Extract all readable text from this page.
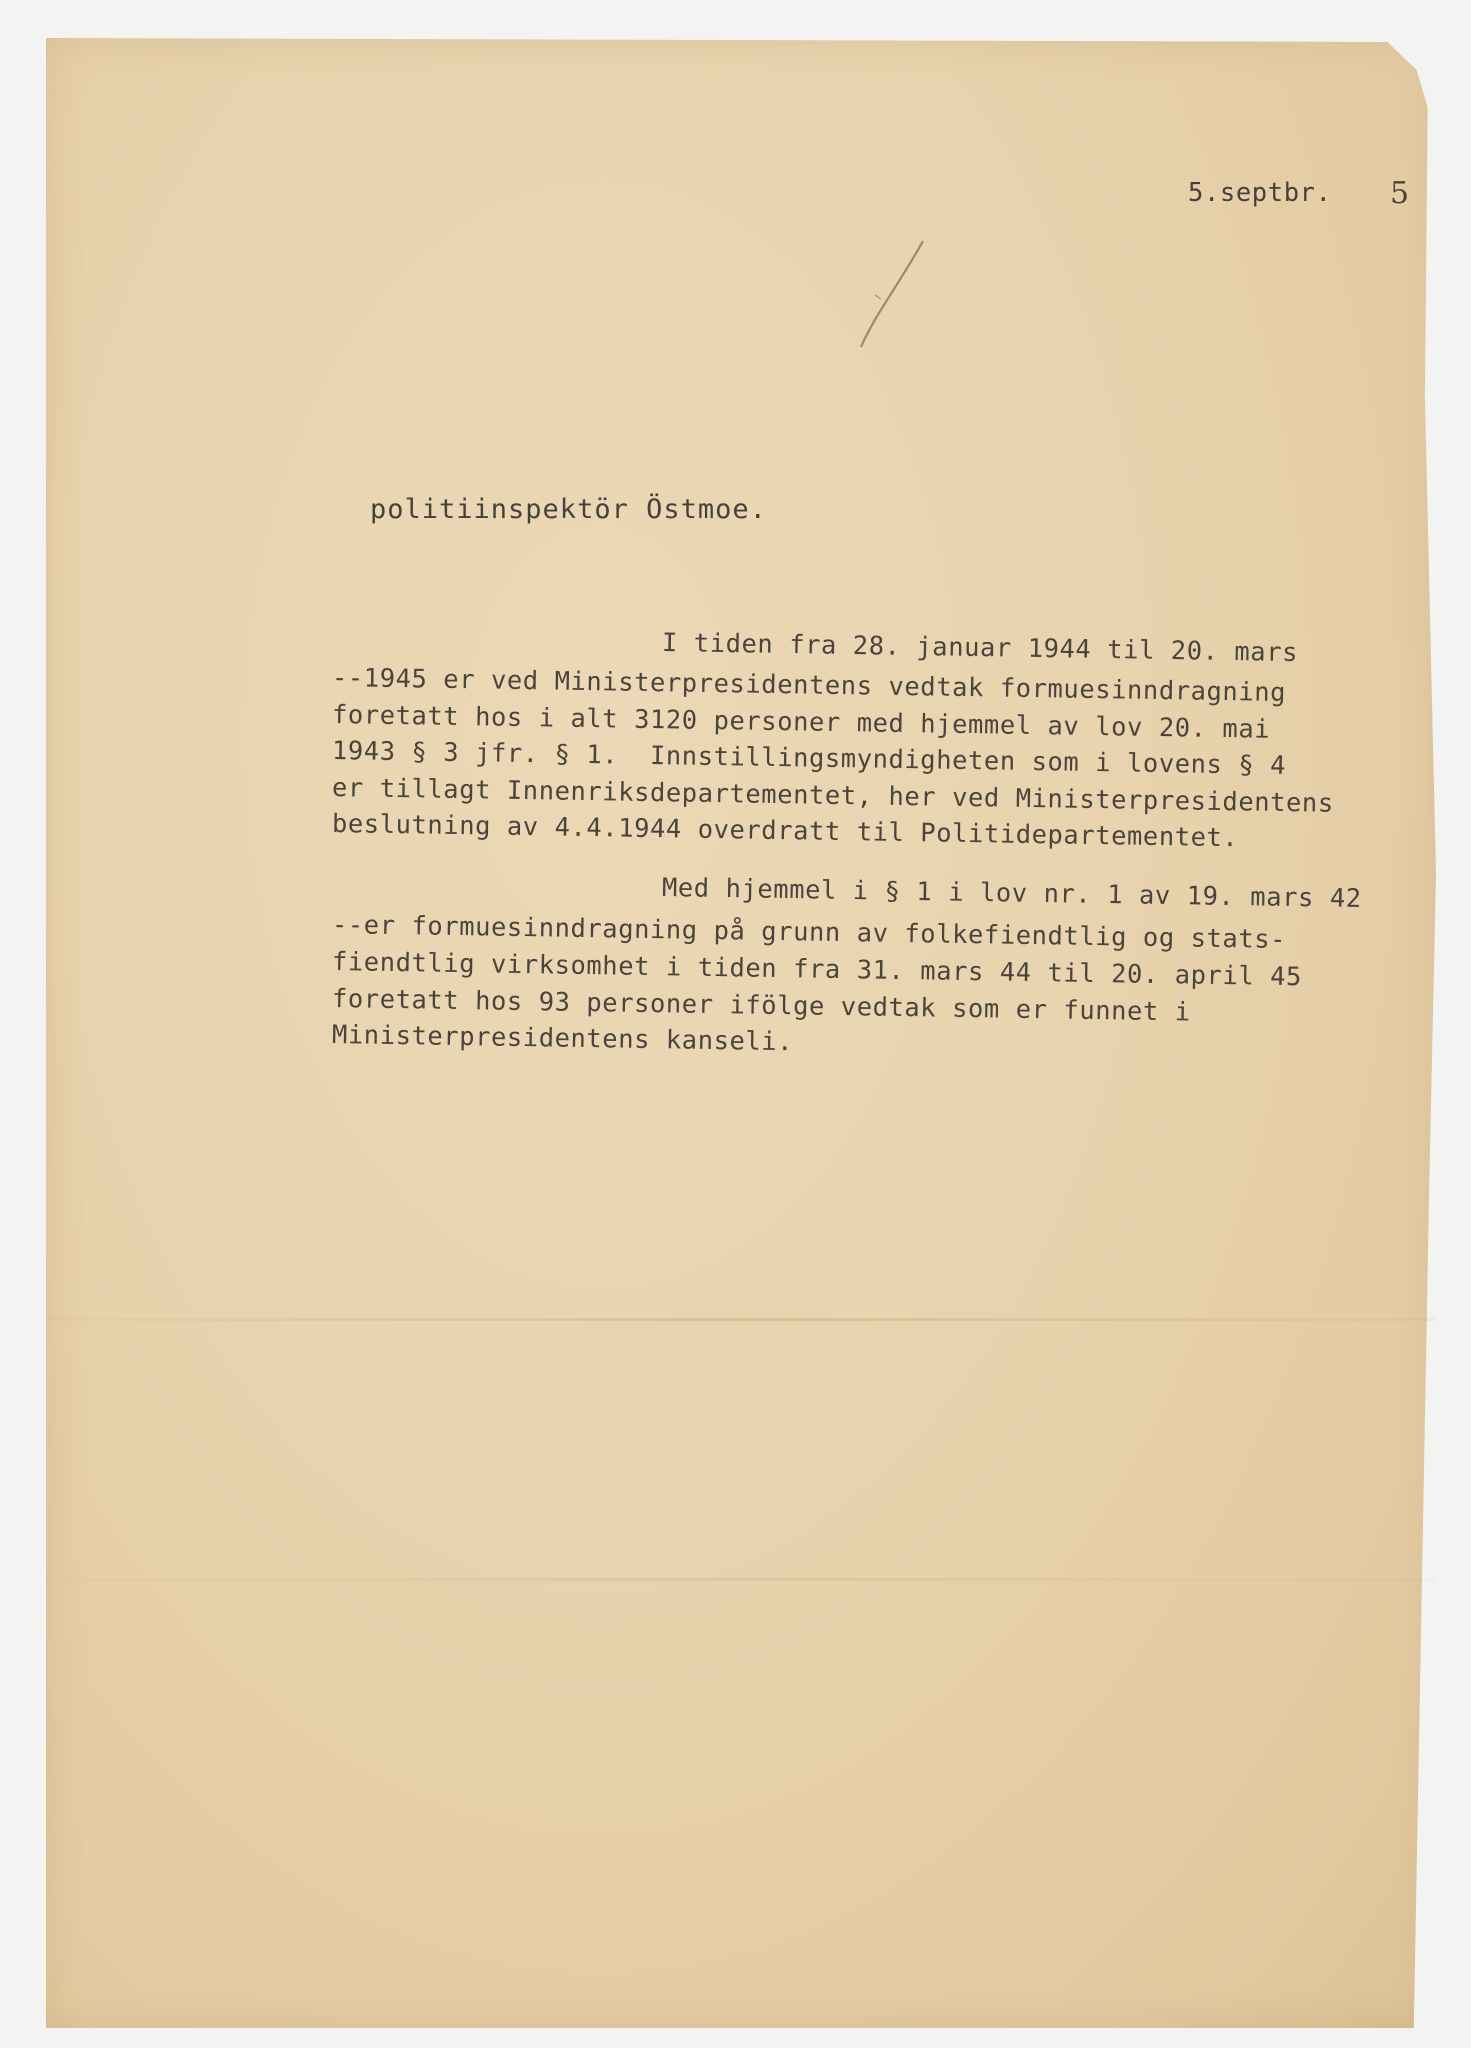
5.septbr. 5
politiinspektör Östmoe.
I tiden fra 28. januar 1944 til 20. mars
--1945 er ved Ministerpresidentens vedtak formuesinndragning
foretatt hos i alt 3120 personer med hjemmel av lov 20. mai
1943 § 3 jfr. § 1.  Innstillingsmyndigheten som i lovens § 4
er tillagt Innenriksdepartementet, her ved Ministerpresidentens
beslutning av 4.4.1944 overdratt til Politidepartementet.
Med hjemmel i § 1 i lov nr. 1 av 19. mars 42
--er formuesinndragning på grunn av folkefiendtlig og stats-
fiendtlig virksomhet i tiden fra 31. mars 44 til 20. april 45
foretatt hos 93 personer ifölge vedtak som er funnet i
Ministerpresidentens kanseli.
